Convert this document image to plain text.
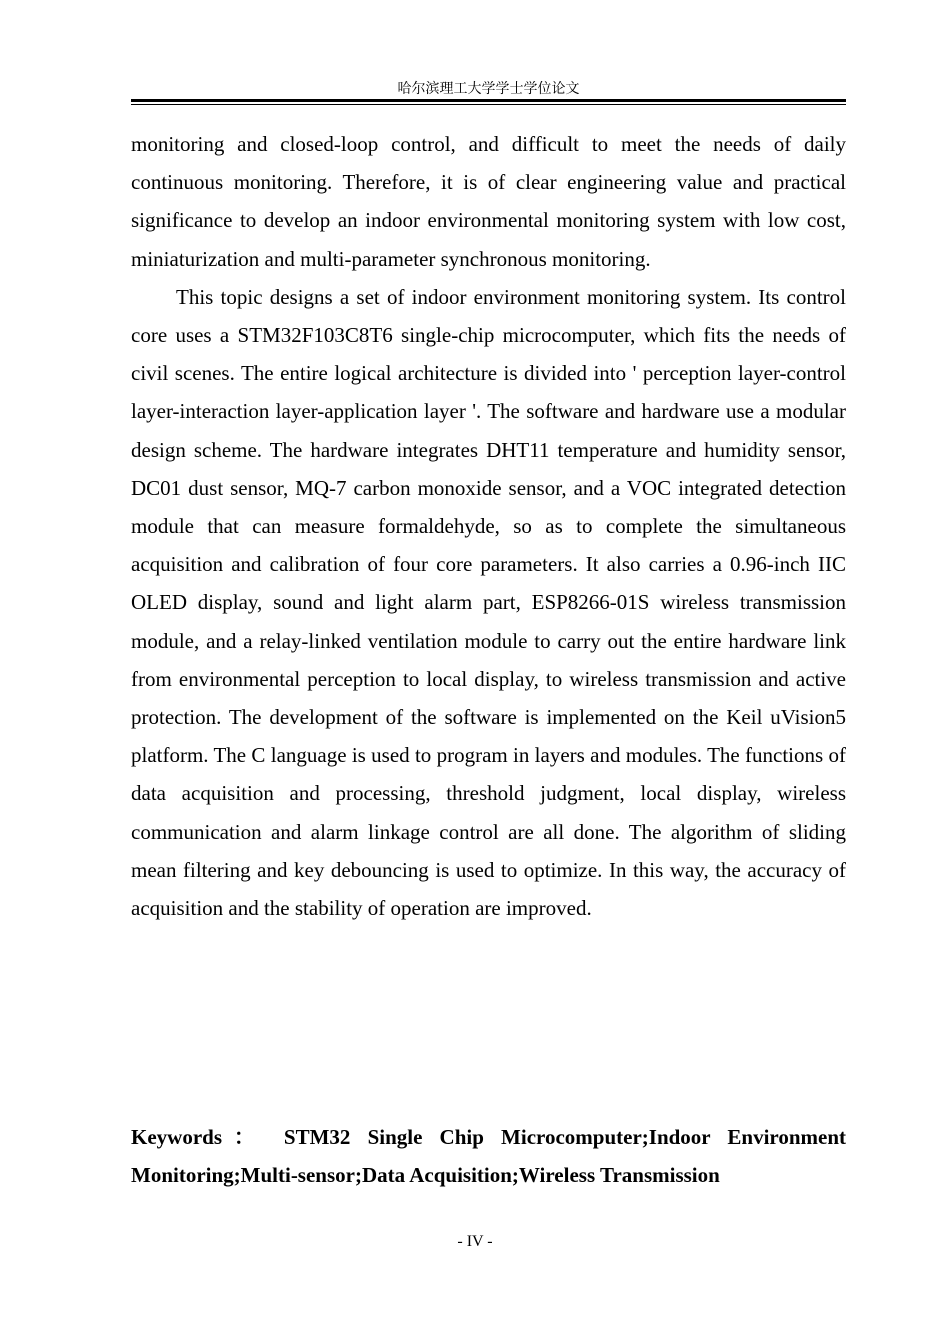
哈尔滨理工大学学士学位论文

monitoring and closed-loop control, and difficult to meet the needs of daily continuous monitoring. Therefore, it is of clear engineering value and practical significance to develop an indoor environmental monitoring system with low cost, miniaturization and multi-parameter synchronous monitoring.

This topic designs a set of indoor environment monitoring system. Its control core uses a STM32F103C8T6 single-chip microcomputer, which fits the needs of civil scenes. The entire logical architecture is divided into ' perception layer-control layer-interaction layer-application layer '. The software and hardware use a modular design scheme. The hardware integrates DHT11 temperature and humidity sensor, DC01 dust sensor, MQ-7 carbon monoxide sensor, and a VOC integrated detection module that can measure formaldehyde, so as to complete the simultaneous acquisition and calibration of four core parameters. It also carries a 0.96-inch IIC OLED display, sound and light alarm part, ESP8266-01S wireless transmission module, and a relay-linked ventilation module to carry out the entire hardware link from environmental perception to local display, to wireless transmission and active protection. The development of the software is implemented on the Keil uVision5 platform. The C language is used to program in layers and modules. The functions of data acquisition and processing, threshold judgment, local display, wireless communication and alarm linkage control are all done. The algorithm of sliding mean filtering and key debouncing is used to optimize. In this way, the accuracy of acquisition and the stability of operation are improved.

Keywords： STM32 Single Chip Microcomputer;Indoor Environment Monitoring;Multi-sensor;Data Acquisition;Wireless Transmission
- IV -
